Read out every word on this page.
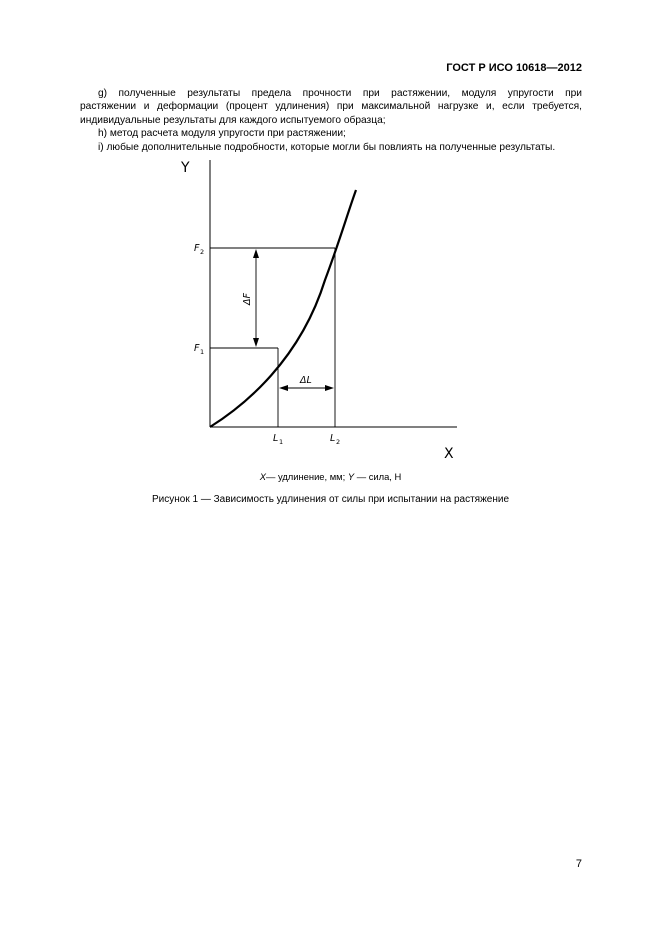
ГОСТ Р ИСО 10618—2012

g) полученные результаты предела прочности при растяжении, модуля упругости при

растяжении и деформации (процент удлинения) при максимальной нагрузке и, если требуется,

индивидуальные результаты для каждого испытуемого образца;

h) метод расчета модуля упругости при растяжении;

i) любые дополнительные подробности, которые могли бы повлиять на полученные результаты.

Y
X
ΔF
ΔL
F 2
F 1
L 1	L 2
X— удлинение, мм; Y — сила, Н
Рисунок 1 — Зависимость удлинения от силы при испытании на растяжение
7
